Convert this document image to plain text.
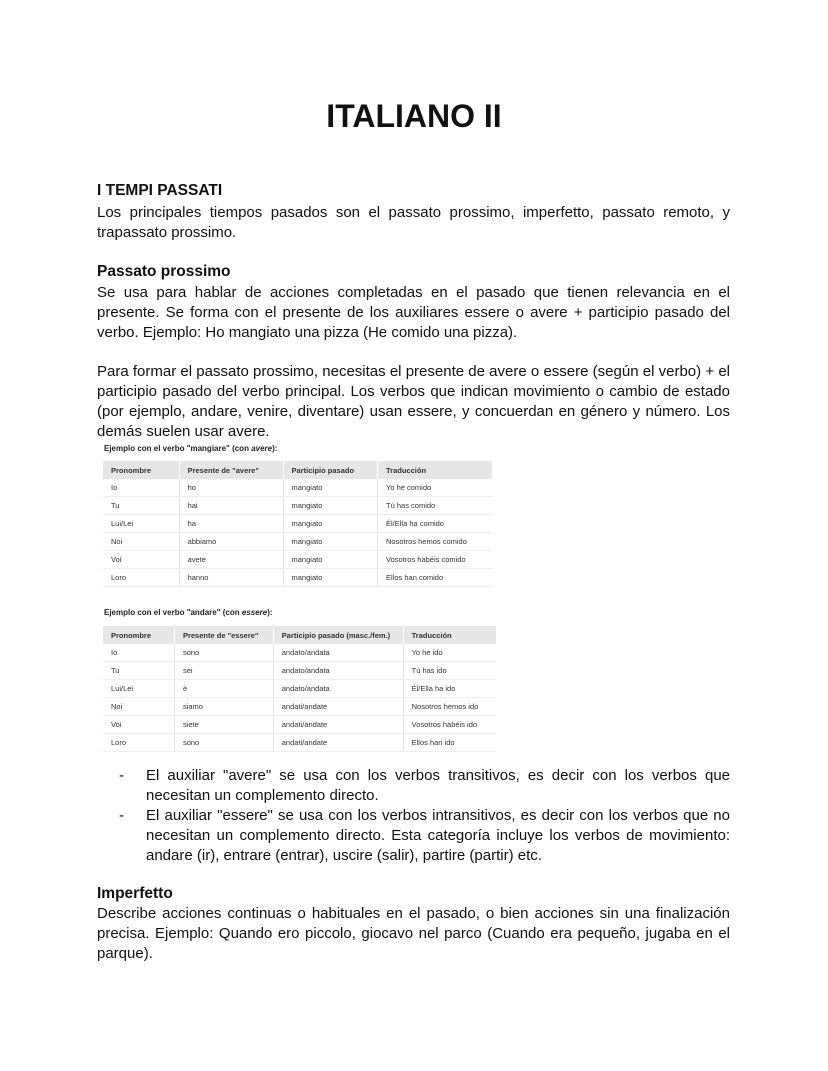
ITALIANO II
I TEMPI PASSATI

Los principales tiempos pasados son el passato prossimo, imperfetto, passato remoto, y trapassato prossimo.

Passato prossimo

Se usa para hablar de acciones completadas en el pasado que tienen relevancia en el presente. Se forma con el presente de los auxiliares essere o avere + participio pasado del verbo. Ejemplo: Ho mangiato una pizza (He comido una pizza).

Para formar el passato prossimo, necesitas el presente de avere o essere (según el verbo) + el participio pasado del verbo principal. Los verbos que indican movimiento o cambio de estado (por ejemplo, andare, venire, diventare) usan essere, y concuerdan en género y número. Los demás suelen usar avere.

Ejemplo con el verbo "mangiare" (con avere):
Pronombre	Presente de "avere"	Participio pasado	Traducción
Io	ho	mangiato	Yo he comido
Tu	hai	mangiato	Tú has comido
Lui/Lei	ha	mangiato	Él/Ella ha comido
Noi	abbiamo	mangiato	Nosotros hemos comido
Voi	avete	mangiato	Vosotros habéis comido
Loro	hanno	mangiato	Ellos han comido
Ejemplo con el verbo "andare" (con essere):
Pronombre	Presente de "essere"	Participio pasado (masc./fem.)	Traducción
Io	sono	andato/andata	Yo he ido
Tu	sei	andato/andata	Tú has ido
Lui/Lei	è	andato/andata	Él/Ella ha ido
Noi	siamo	andati/andate	Nosotros hemos ido
Voi	siete	andati/andate	Vosotros habéis ido
Loro	sono	andati/andate	Ellos han ido
- El auxiliar "avere" se usa con los verbos transitivos, es decir con los verbos que necesitan un complemento directo.
- El auxiliar "essere" se usa con los verbos intransitivos, es decir con los verbos que no necesitan un complemento directo. Esta categoría incluye los verbos de movimiento: andare (ir), entrare (entrar), uscire (salir), partire (partir) etc.
Imperfetto

Describe acciones continuas o habituales en el pasado, o bien acciones sin una finalización precisa. Ejemplo: Quando ero piccolo, giocavo nel parco (Cuando era pequeño, jugaba en el parque).
